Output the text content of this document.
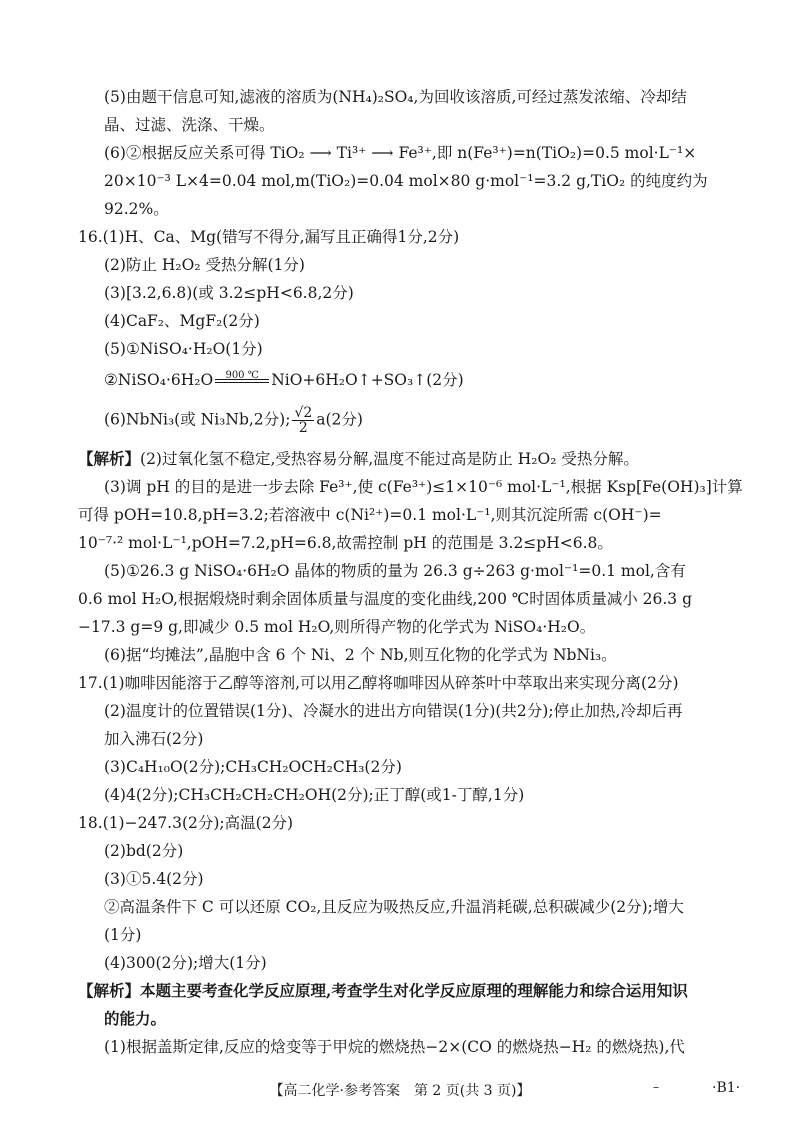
(5)由题干信息可知,滤液的溶质为(NH₄)₂SO₄,为回收该溶质,可经过蒸发浓缩、冷却结
晶、过滤、洗涤、干燥。
(6)②根据反应关系可得 TiO₂ ⟶ Ti³⁺ ⟶ Fe³⁺,即 n(Fe³⁺)=n(TiO₂)=0.5 mol·L⁻¹×
20×10⁻³ L×4=0.04 mol,m(TiO₂)=0.04 mol×80 g·mol⁻¹=3.2 g,TiO₂ 的纯度约为
92.2%。
16.(1)H、Ca、Mg(错写不得分,漏写且正确得1分,2分)
(2)防止 H₂O₂ 受热分解(1分)
(3)[3.2,6.8)(或 3.2≤pH<6.8,2分)
(4)CaF₂、MgF₂(2分)
(5)①NiSO₄·H₂O(1分)
②NiSO₄·6H₂O	900 ℃ NiO+6H₂O↑+SO₃↑(2分)
(6)NbNi₃(或 Ni₃Nb,2分); $\frac{√2}{2} a(2$分)
【解析】(2)过氧化氢不稳定,受热容易分解,温度不能过高是防止 H₂O₂ 受热分解。
(3)调 pH 的目的是进一步去除 Fe³⁺,使 c(Fe³⁺)≤1×10⁻⁶ mol·L⁻¹,根据 Ksp[Fe(OH)₃]计算
可得 pOH=10.8,pH=3.2;若溶液中 c(Ni²⁺)=0.1 mol·L⁻¹,则其沉淀所需 c(OH⁻)=
10⁻⁷·² mol·L⁻¹,pOH=7.2,pH=6.8,故需控制 pH 的范围是 3.2≤pH<6.8。
(5)①26.3 g NiSO₄·6H₂O 晶体的物质的量为 26.3 g÷263 g·mol⁻¹=0.1 mol,含有
0.6 mol H₂O,根据煅烧时剩余固体质量与温度的变化曲线,200 ℃时固体质量减小 26.3 g
−17.3 g=9 g,即减少 0.5 mol H₂O,则所得产物的化学式为 NiSO₄·H₂O。
(6)据“均摊法”,晶胞中含 6 个 Ni、2 个 Nb,则互化物的化学式为 NbNi₃。
17.(1)咖啡因能溶于乙醇等溶剂,可以用乙醇将咖啡因从碎茶叶中萃取出来实现分离(2分)
(2)温度计的位置错误(1分)、冷凝水的进出方向错误(1分)(共2分);停止加热,冷却后再
加入沸石(2分)
(3)C₄H₁₀O(2分);CH₃CH₂OCH₂CH₃(2分)
(4)4(2分);CH₃CH₂CH₂CH₂OH(2分);正丁醇(或1-丁醇,1分)
18.(1)−247.3(2分);高温(2分)
(2)bd(2分)
(3)①5.4(2分)
②高温条件下 C 可以还原 CO₂,且反应为吸热反应,升温消耗碳,总积碳减少(2分);增大
(1分)
(4)300(2分);增大(1分)
【解析】本题主要考查化学反应原理,考查学生对化学反应原理的理解能力和综合运用知识
的能力。
(1)根据盖斯定律,反应的焓变等于甲烷的燃烧热−2×(CO 的燃烧热−H₂ 的燃烧热),代
【高二化学·参考答案　第 2 页(共 3 页)】	–	·B1·
